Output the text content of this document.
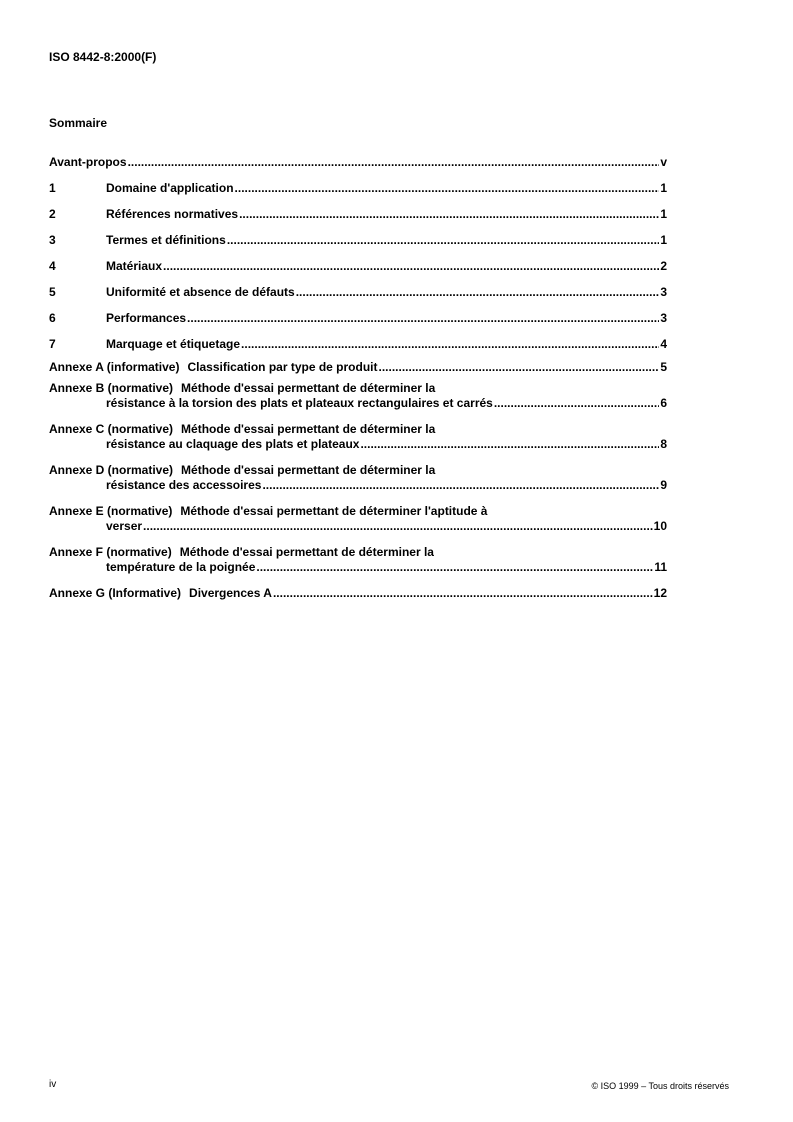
ISO 8442-8:2000(F)
Sommaire
Avant-propos .....	v
1	Domaine d'application .....	1
2	Références normatives .....	1
3	Termes et définitions .....	1
4	Matériaux .....	2
5	Uniformité et absence de défauts .....	3
6	Performances .....	3
7	Marquage et étiquetage .....	4
Annexe A (informative) Classification par type de produit .....	5
Annexe B (normative) Méthode d'essai permettant de déterminer la
résistance à la torsion des plats et plateaux rectangulaires et carrés .....	6
Annexe C (normative) Méthode d'essai permettant de déterminer la
résistance au claquage des plats et plateaux .....	8
Annexe D (normative) Méthode d'essai permettant de déterminer la
résistance des accessoires .....	9
Annexe E (normative) Méthode d'essai permettant de déterminer l'aptitude à
verser .....	10
Annexe F (normative) Méthode d'essai permettant de déterminer la
température de la poignée .....	11
Annexe G (Informative) Divergences A .....	12
iv	© ISO 1999 – Tous droits réservés
